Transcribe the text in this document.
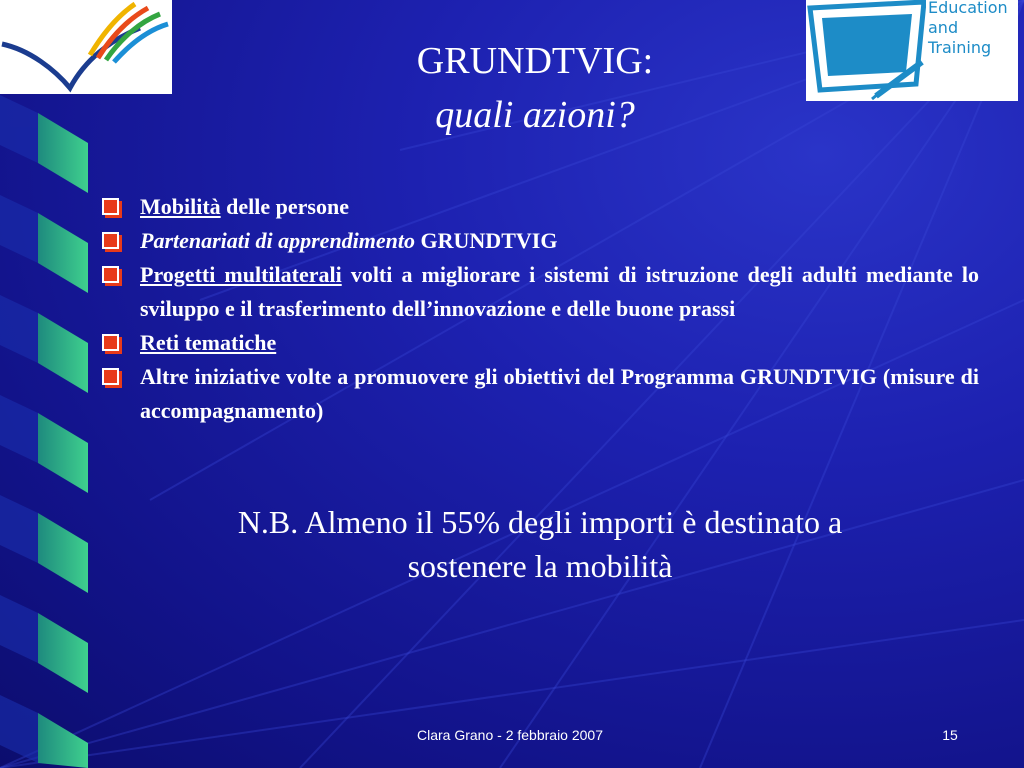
Education
and
Training
GRUNDTVIG:
quali azioni?
Mobilità delle persone
Partenariati di apprendimento GRUNDTVIG
Progetti multilaterali volti a migliorare i sistemi di istruzione degli adulti mediante lo sviluppo e il trasferimento dell’innovazione e delle buone prassi
Reti tematiche
Altre iniziative volte a promuovere gli obiettivi del Programma GRUNDTVIG (misure di accompagnamento)
N.B. Almeno il 55% degli importi è destinato a
sostenere la mobilità
Clara Grano - 2 febbraio 2007	15
